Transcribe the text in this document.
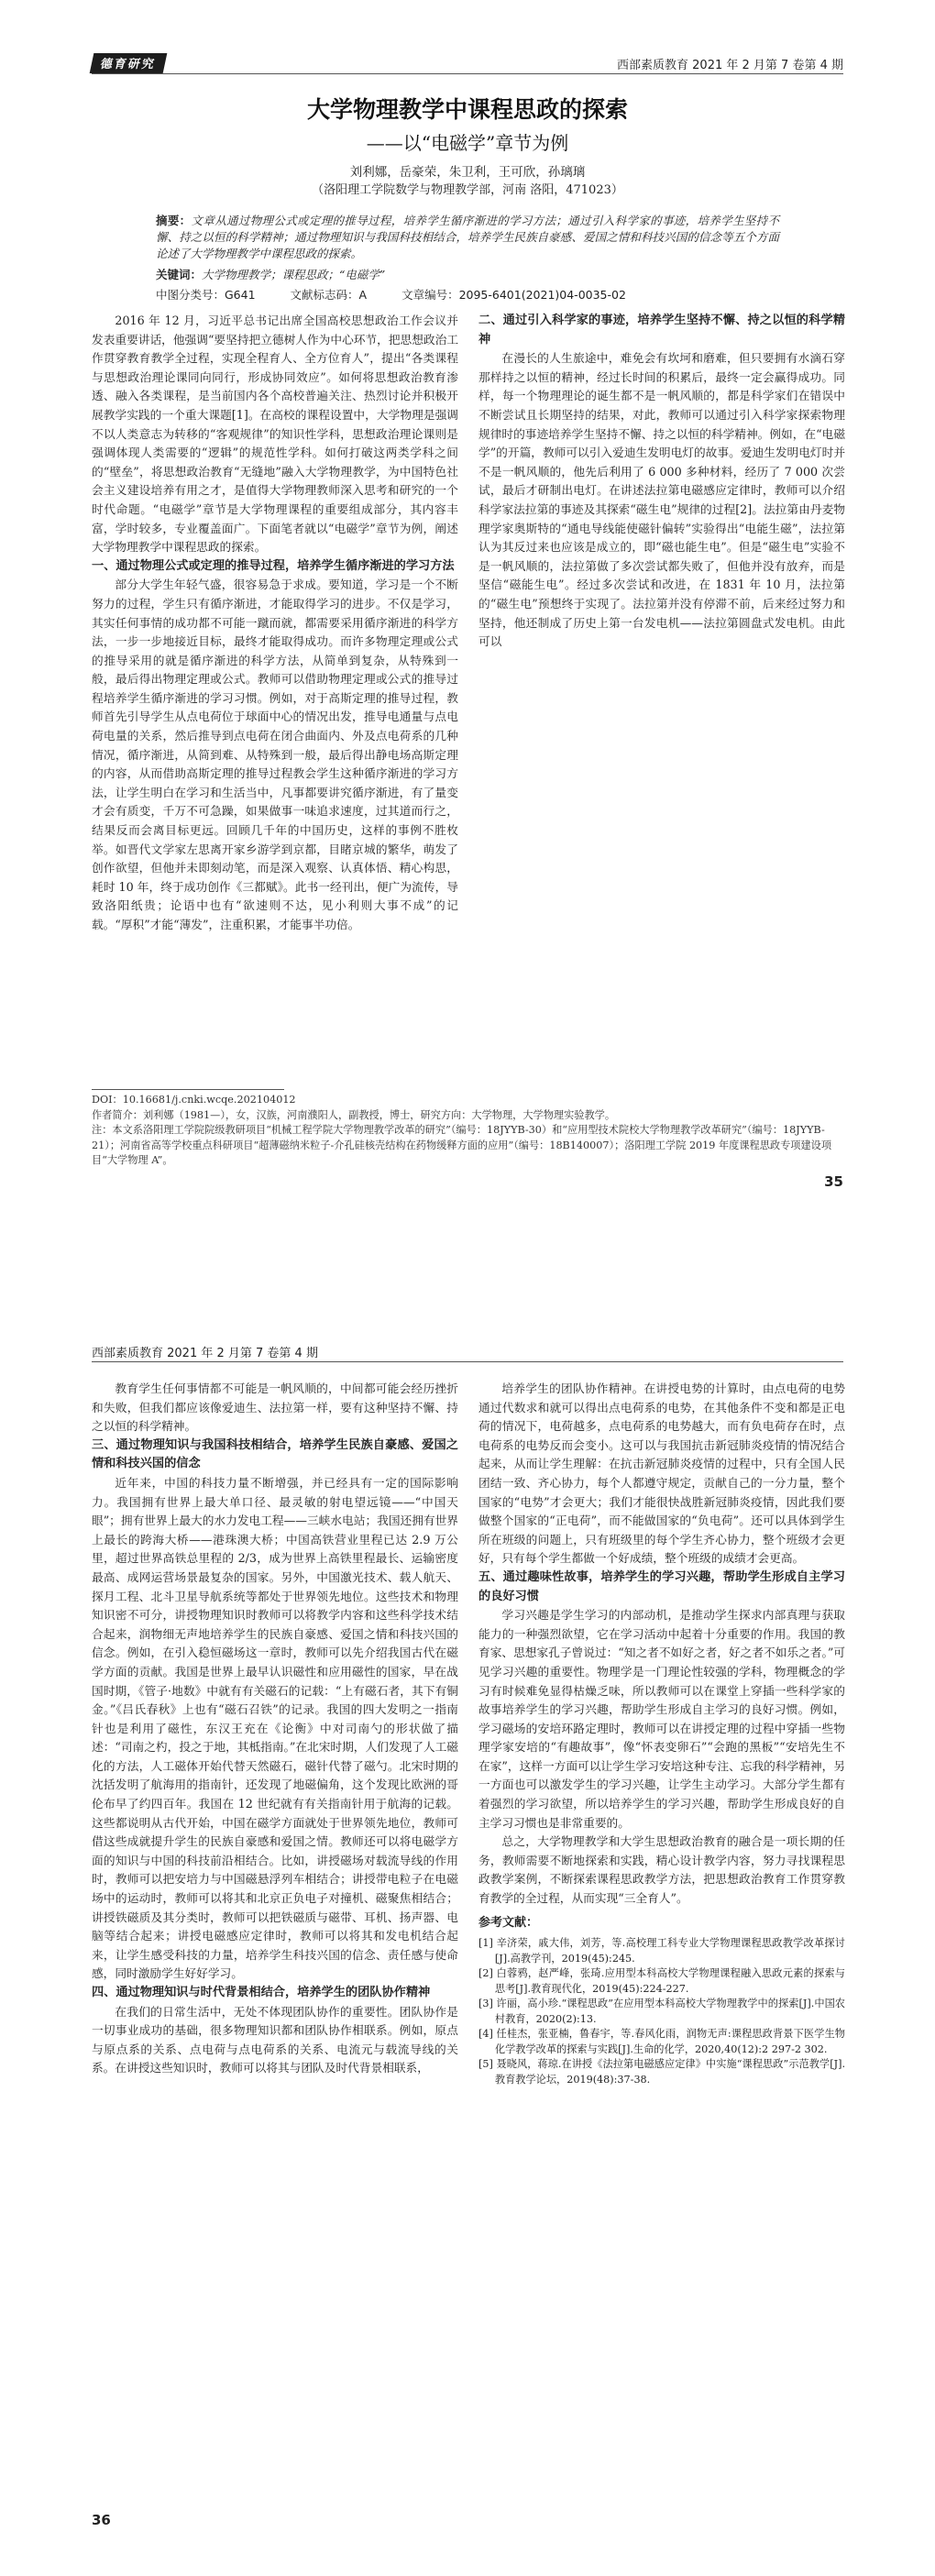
德育研究	西部素质教育 2021 年 2 月第 7 卷第 4 期
大学物理教学中课程思政的探索
——以“电磁学”章节为例
刘利娜，岳豪荣，朱卫利，王可欣，孙璃璃
（洛阳理工学院数学与物理教学部，河南 洛阳，471023）
摘要：文章从通过物理公式或定理的推导过程，培养学生循序渐进的学习方法；通过引入科学家的事迹，培养学生坚持不懈、持之以恒的科学精神；通过物理知识与我国科技相结合，培养学生民族自豪感、爱国之情和科技兴国的信念等五个方面论述了大学物理教学中课程思政的探索。
关键词：大学物理教学；课程思政；“电磁学”
中图分类号：G641	文献标志码：A	文章编号：2095-6401(2021)04-0035-02

2016 年 12 月，习近平总书记出席全国高校思想政治工作会议并发表重要讲话，他强调“要坚持把立德树人作为中心环节，把思想政治工作贯穿教育教学全过程，实现全程育人、全方位育人”，提出“各类课程与思想政治理论课同向同行，形成协同效应”。如何将思想政治教育渗透、融入各类课程，是当前国内各个高校普遍关注、热烈讨论并积极开展教学实践的一个重大课题[1]。在高校的课程设置中，大学物理是强调不以人类意志为转移的“客观规律”的知识性学科，思想政治理论课则是强调体现人类需要的“逻辑”的规范性学科。如何打破这两类学科之间的“壁垒”，将思想政治教育“无缝地”融入大学物理教学，为中国特色社会主义建设培养有用之才，是值得大学物理教师深入思考和研究的一个时代命题。“电磁学”章节是大学物理课程的重要组成部分，其内容丰富，学时较多，专业覆盖面广。下面笔者就以“电磁学”章节为例，阐述大学物理教学中课程思政的探索。

一、通过物理公式或定理的推导过程，培养学生循序渐进的学习方法

部分大学生年轻气盛，很容易急于求成。要知道，学习是一个不断努力的过程，学生只有循序渐进，才能取得学习的进步。不仅是学习，其实任何事情的成功都不可能一蹴而就，都需要采用循序渐进的科学方法，一步一步地接近目标，最终才能取得成功。而许多物理定理或公式的推导采用的就是循序渐进的科学方法，从简单到复杂，从特殊到一般，最后得出物理定理或公式。教师可以借助物理定理或公式的推导过程培养学生循序渐进的学习习惯。例如，对于高斯定理的推导过程，教师首先引导学生从点电荷位于球面中心的情况出发，推导电通量与点电荷电量的关系，然后推导到点电荷在闭合曲面内、外及点电荷系的几种情况，循序渐进，从简到难、从特殊到一般，最后得出静电场高斯定理的内容，从而借助高斯定理的推导过程教会学生这种循序渐进的学习方法，让学生明白在学习和生活当中，凡事都要讲究循序渐进，有了量变才会有质变，千万不可急躁，如果做事一味追求速度，过其道而行之，结果反而会离目标更远。回顾几千年的中国历史，这样的事例不胜枚举。如晋代文学家左思离开家乡游学到京都，目睹京城的繁华，萌发了创作欲望，但他并未即刻动笔，而是深入观察、认真体悟、精心构思，耗时 10 年，终于成功创作《三都赋》。此书一经刊出，便广为流传，导致洛阳纸贵；论语中也有“欲速则不达，见小利则大事不成”的记载。“厚积”才能“薄发”，注重积累，才能事半功倍。

二、通过引入科学家的事迹，培养学生坚持不懈、持之以恒的科学精神

在漫长的人生旅途中，难免会有坎坷和磨难，但只要拥有水滴石穿那样持之以恒的精神，经过长时间的积累后，最终一定会赢得成功。同样，每一个物理理论的诞生都不是一帆风顺的，都是科学家们在错误中不断尝试且长期坚持的结果，对此，教师可以通过引入科学家探索物理规律时的事迹培养学生坚持不懈、持之以恒的科学精神。例如，在“电磁学”的开篇，教师可以引入爱迪生发明电灯的故事。爱迪生发明电灯时并不是一帆风顺的，他先后利用了 6 000 多种材料，经历了 7 000 次尝试，最后才研制出电灯。在讲述法拉第电磁感应定律时，教师可以介绍科学家法拉第的事迹及其探索“磁生电”规律的过程[2]。法拉第由丹麦物理学家奥斯特的“通电导线能使磁针偏转”实验得出“电能生磁”，法拉第认为其反过来也应该是成立的，即“磁也能生电”。但是“磁生电”实验不是一帆风顺的，法拉第做了多次尝试都失败了，但他并没有放弃，而是坚信“磁能生电”。经过多次尝试和改进，在 1831 年 10 月，法拉第的“磁生电”预想终于实现了。法拉第并没有停滞不前，后来经过努力和坚持，他还制成了历史上第一台发电机——法拉第圆盘式发电机。由此可以

DOI：10.16681/j.cnki.wcqe.202104012
作者简介：刘利娜（1981—），女，汉族，河南濮阳人，副教授，博士，研究方向：大学物理，大学物理实验教学。
注：本文系洛阳理工学院院级教研项目“机械工程学院大学物理教学改革的研究”（编号：18JYYB-30）和“应用型技术院校大学物理教学改革研究”（编号：18JYYB-21）；河南省高等学校重点科研项目“超薄磁纳米粒子-介孔硅核壳结构在药物缓释方面的应用”（编号：18B140007）；洛阳理工学院 2019 年度课程思政专项建设项目“大学物理 A”。
35
西部素质教育 2021 年 2 月第 7 卷第 4 期

教育学生任何事情都不可能是一帆风顺的，中间都可能会经历挫折和失败，但我们都应该像爱迪生、法拉第一样，要有这种坚持不懈、持之以恒的科学精神。

三、通过物理知识与我国科技相结合，培养学生民族自豪感、爱国之情和科技兴国的信念

近年来，中国的科技力量不断增强，并已经具有一定的国际影响力。我国拥有世界上最大单口径、最灵敏的射电望远镜——“中国天眼”；拥有世界上最大的水力发电工程——三峡水电站；我国还拥有世界上最长的跨海大桥——港珠澳大桥；中国高铁营业里程已达 2.9 万公里，超过世界高铁总里程的 2/3，成为世界上高铁里程最长、运输密度最高、成网运营场景最复杂的国家。另外，中国激光技术、载人航天、探月工程、北斗卫星导航系统等都处于世界领先地位。这些技术和物理知识密不可分，讲授物理知识时教师可以将教学内容和这些科学技术结合起来，润物细无声地培养学生的民族自豪感、爱国之情和科技兴国的信念。例如，在引入稳恒磁场这一章时，教师可以先介绍我国古代在磁学方面的贡献。我国是世界上最早认识磁性和应用磁性的国家，早在战国时期，《管子·地数》中就有有关磁石的记载：“上有磁石者，其下有铜金。”《吕氏春秋》上也有“磁石召铁”的记录。我国的四大发明之一指南针也是利用了磁性，东汉王充在《论衡》中对司南勺的形状做了描述：“司南之杓，投之于地，其柢指南。”在北宋时期，人们发现了人工磁化的方法，人工磁体开始代替天然磁石，磁针代替了磁勺。北宋时期的沈括发明了航海用的指南针，还发现了地磁偏角，这个发现比欧洲的哥伦布早了约四百年。我国在 12 世纪就有有关指南针用于航海的记载。这些都说明从古代开始，中国在磁学方面就处于世界领先地位，教师可借这些成就提升学生的民族自豪感和爱国之情。教师还可以将电磁学方面的知识与中国的科技前沿相结合。比如，讲授磁场对载流导线的作用时，教师可以把安培力与中国磁悬浮列车相结合；讲授带电粒子在电磁场中的运动时，教师可以将其和北京正负电子对撞机、磁聚焦相结合；讲授铁磁质及其分类时，教师可以把铁磁质与磁带、耳机、扬声器、电脑等结合起来；讲授电磁感应定律时，教师可以将其和发电机结合起来，让学生感受科技的力量，培养学生科技兴国的信念、责任感与使命感，同时激励学生好好学习。

四、通过物理知识与时代背景相结合，培养学生的团队协作精神

在我们的日常生活中，无处不体现团队协作的重要性。团队协作是一切事业成功的基础，很多物理知识都和团队协作相联系。例如，原点与原点系的关系、点电荷与点电荷系的关系、电流元与载流导线的关系。在讲授这些知识时，教师可以将其与团队及时代背景相联系，

培养学生的团队协作精神。在讲授电势的计算时，由点电荷的电势通过代数求和就可以得出点电荷系的电势，在其他条件不变和都是正电荷的情况下，电荷越多，点电荷系的电势越大，而有负电荷存在时，点电荷系的电势反而会变小。这可以与我国抗击新冠肺炎疫情的情况结合起来，从而让学生理解：在抗击新冠肺炎疫情的过程中，只有全国人民团结一致、齐心协力，每个人都遵守规定，贡献自己的一分力量，整个国家的“电势”才会更大；我们才能很快战胜新冠肺炎疫情，因此我们要做整个国家的“正电荷”，而不能做国家的“负电荷”。还可以具体到学生所在班级的问题上，只有班级里的每个学生齐心协力，整个班级才会更好，只有每个学生都做一个好成绩，整个班级的成绩才会更高。

五、通过趣味性故事，培养学生的学习兴趣，帮助学生形成自主学习的良好习惯

学习兴趣是学生学习的内部动机，是推动学生探求内部真理与获取能力的一种强烈欲望，它在学习活动中起着十分重要的作用。我国的教育家、思想家孔子曾说过：“知之者不如好之者，好之者不如乐之者。”可见学习兴趣的重要性。物理学是一门理论性较强的学科，物理概念的学习有时候难免显得枯燥乏味，所以教师可以在课堂上穿插一些科学家的故事培养学生的学习兴趣，帮助学生形成自主学习的良好习惯。例如，学习磁场的安培环路定理时，教师可以在讲授定理的过程中穿插一些物理学家安培的“有趣故事”，像“怀表变卵石”“会跑的黑板”“安培先生不在家”，这样一方面可以让学生学习安培这种专注、忘我的科学精神，另一方面也可以激发学生的学习兴趣，让学生主动学习。大部分学生都有着强烈的学习欲望，所以培养学生的学习兴趣，帮助学生形成良好的自主学习习惯也是非常重要的。

总之，大学物理教学和大学生思想政治教育的融合是一项长期的任务，教师需要不断地探索和实践，精心设计教学内容，努力寻找课程思政教学案例，不断探索课程思政教学方法，把思想政治教育工作贯穿教育教学的全过程，从而实现“三全育人”。

参考文献：
[1] 辛济荣，戚大伟，刘芳，等.高校理工科专业大学物理课程思政教学改革探讨[J].高教学刊，2019(45):245.
[2] 白蓉鸦，赵严峰，张琦.应用型本科高校大学物理课程融入思政元素的探索与思考[J].教育现代化，2019(45):224-227.
[3] 许丽，高小珍.“课程思政”在应用型本科高校大学物理教学中的探索[J].中国农村教育，2020(2):13.
[4] 任桂杰，张亚楠，鲁春宇，等.春风化雨，润物无声:课程思政背景下医学生物化学教学改革的探索与实践[J].生命的化学，2020,40(12):2 297-2 302.
[5] 聂晓风，蒋琼.在讲授《法拉第电磁感应定律》中实施“课程思政”示范教学[J].教育教学论坛，2019(48):37-38.
36
